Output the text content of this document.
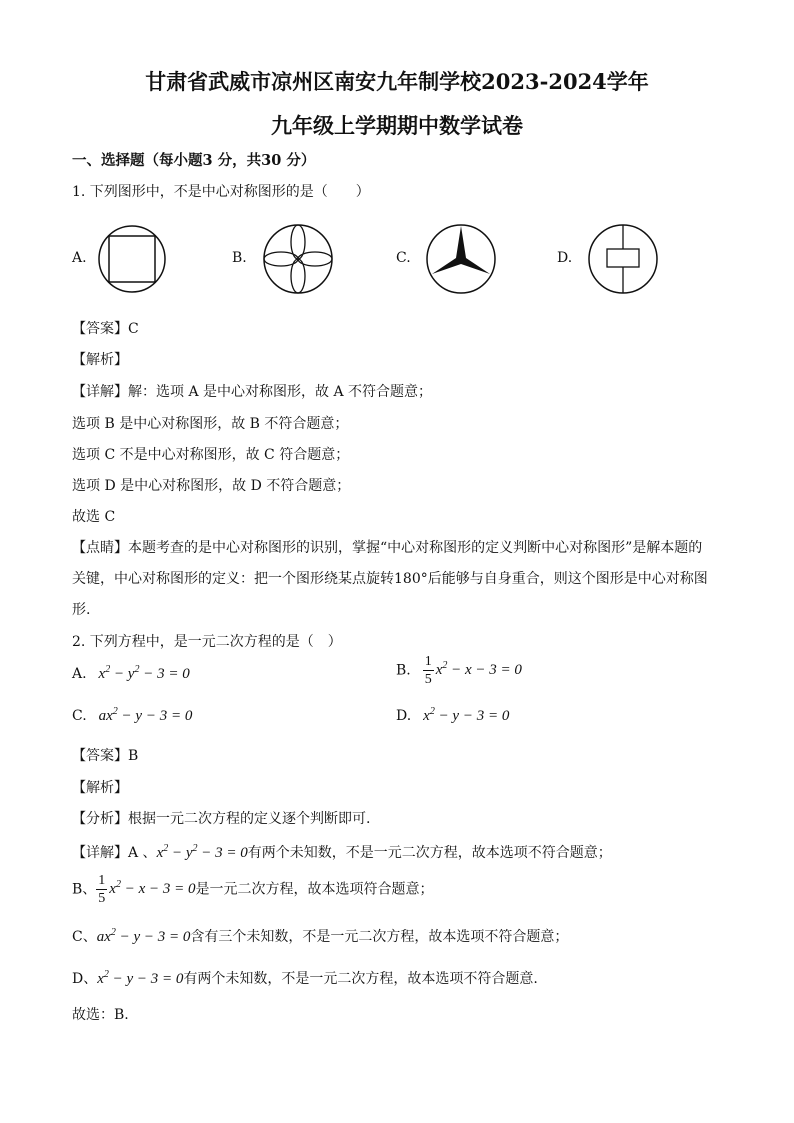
甘肃省武威市凉州区南安九年制学校2023-2024学年
九年级上学期期中数学试卷
一、选择题（每小题3 分，共30 分）
1. 下列图形中，不是中心对称图形的是（　　）
A.	B.	C.	D.
【答案】C
【解析】
【详解】解：选项 A 是中心对称图形，故 A 不符合题意；
选项 B 是中心对称图形，故 B 不符合题意；
选项 C 不是中心对称图形，故 C 符合题意；
选项 D 是中心对称图形，故 D 不符合题意；
故选 C
【点睛】本题考查的是中心对称图形的识别，掌握“中心对称图形的定义判断中心对称图形”是解本题的
关键，中心对称图形的定义：把一个图形绕某点旋转180°后能够与自身重合，则这个图形是中心对称图
形.
2. 下列方程中，是一元二次方程的是（　）
A.   $x^2 - y^2 - 3 = 0$	B. $\frac{1}{5} x^2 - x - 3 = 0$
C.   $ax^2 - y - 3 = 0$	D.   $x^2 - y - 3 = 0$
【答案】B
【解析】
【分析】根据一元二次方程的定义逐个判断即可.
【详解】A 、$x^2 - y^2 - 3 = 0$有两个未知数，不是一元二次方程，故本选项不符合题意；
B、 $\frac{1}{5} x^2 - x - 3 = 0$是一元二次方程，故本选项符合题意；
C、$ax^2 - y - 3 = 0$含有三个未知数，不是一元二次方程，故本选项不符合题意；
D、$x^2 - y - 3 = 0$有两个未知数，不是一元二次方程，故本选项不符合题意.
故选：B.
